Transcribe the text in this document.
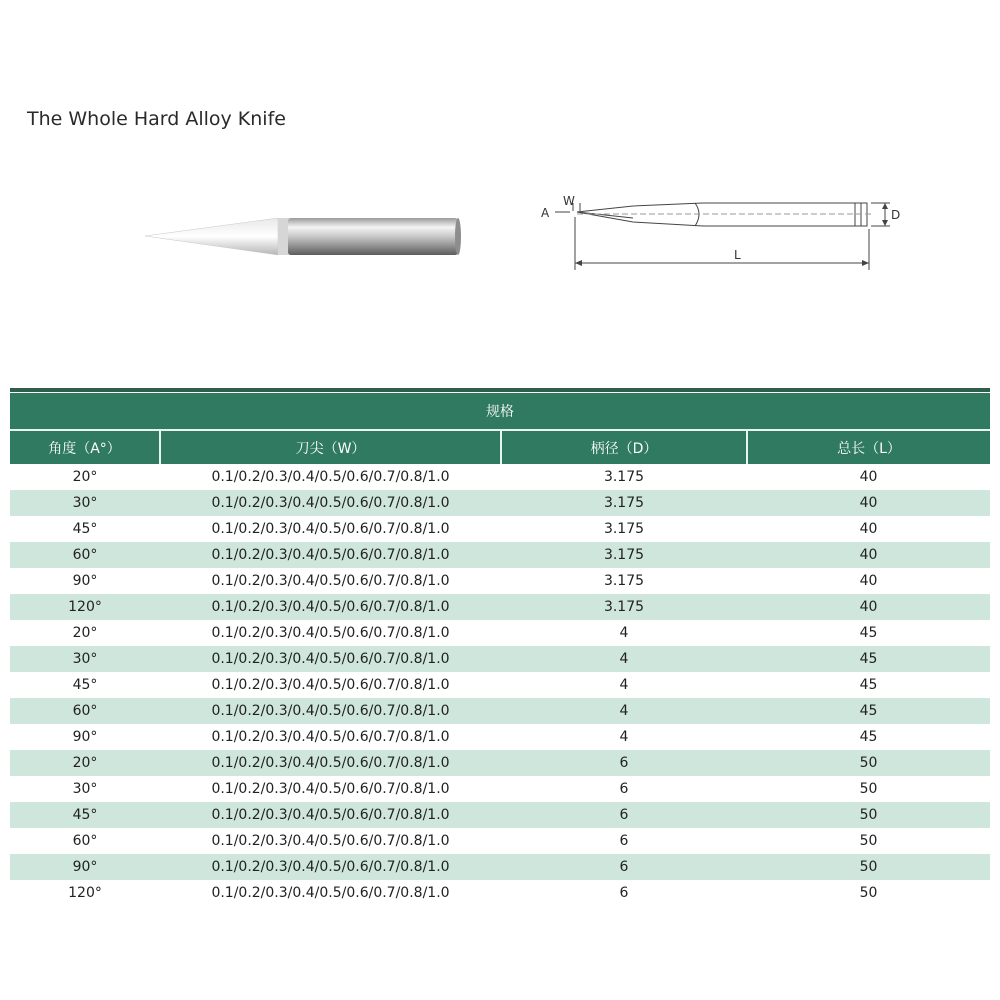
The Whole Hard Alloy Knife
A
W
D
L
规格			
角度（A°）	刀尖（W）	柄径（D）	总长（L）
20°	0.1/0.2/0.3/0.4/0.5/0.6/0.7/0.8/1.0	3.175	40
30°	0.1/0.2/0.3/0.4/0.5/0.6/0.7/0.8/1.0	3.175	40
45°	0.1/0.2/0.3/0.4/0.5/0.6/0.7/0.8/1.0	3.175	40
60°	0.1/0.2/0.3/0.4/0.5/0.6/0.7/0.8/1.0	3.175	40
90°	0.1/0.2/0.3/0.4/0.5/0.6/0.7/0.8/1.0	3.175	40
120°	0.1/0.2/0.3/0.4/0.5/0.6/0.7/0.8/1.0	3.175	40
20°	0.1/0.2/0.3/0.4/0.5/0.6/0.7/0.8/1.0	4	45
30°	0.1/0.2/0.3/0.4/0.5/0.6/0.7/0.8/1.0	4	45
45°	0.1/0.2/0.3/0.4/0.5/0.6/0.7/0.8/1.0	4	45
60°	0.1/0.2/0.3/0.4/0.5/0.6/0.7/0.8/1.0	4	45
90°	0.1/0.2/0.3/0.4/0.5/0.6/0.7/0.8/1.0	4	45
20°	0.1/0.2/0.3/0.4/0.5/0.6/0.7/0.8/1.0	6	50
30°	0.1/0.2/0.3/0.4/0.5/0.6/0.7/0.8/1.0	6	50
45°	0.1/0.2/0.3/0.4/0.5/0.6/0.7/0.8/1.0	6	50
60°	0.1/0.2/0.3/0.4/0.5/0.6/0.7/0.8/1.0	6	50
90°	0.1/0.2/0.3/0.4/0.5/0.6/0.7/0.8/1.0	6	50
120°	0.1/0.2/0.3/0.4/0.5/0.6/0.7/0.8/1.0	6	50
